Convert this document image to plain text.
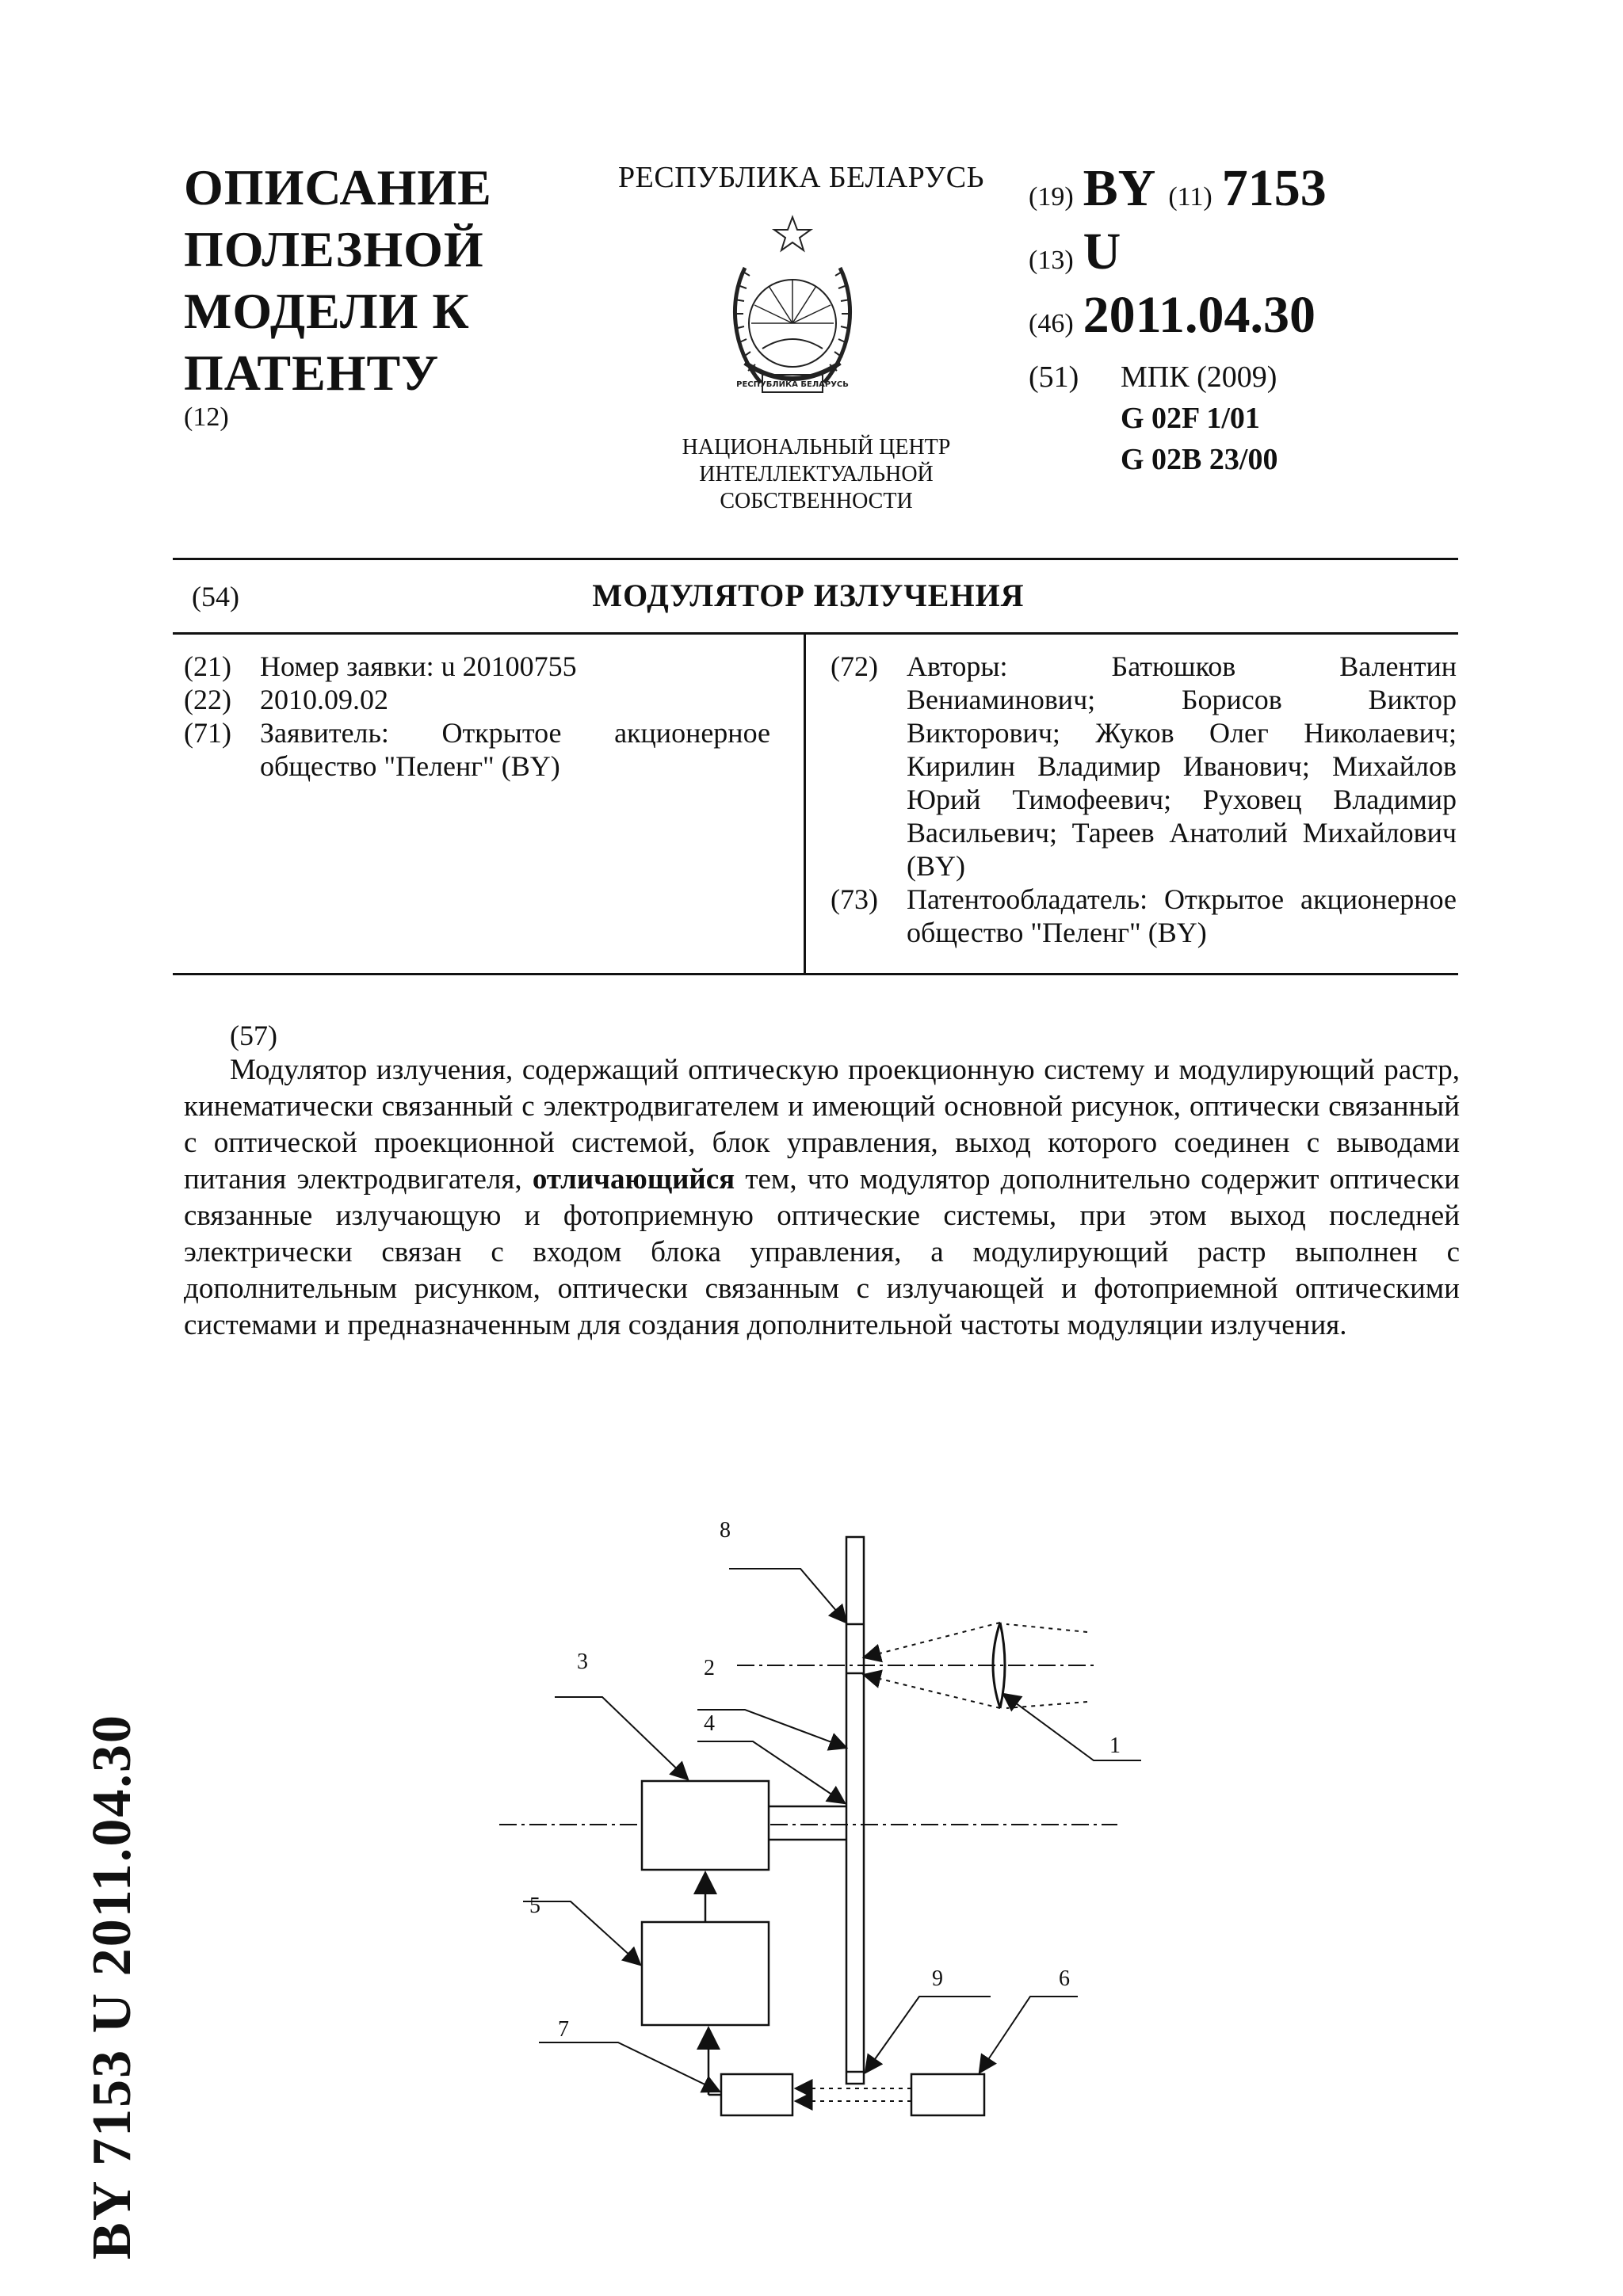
ОПИСАНИЕ
ПОЛЕЗНОЙ
МОДЕЛИ К
ПАТЕНТУ
(12)
РЕСПУБЛИКА БЕЛАРУСЬ
РЕСПУБЛИКА БЕЛАРУСЬ
НАЦИОНАЛЬНЫЙ ЦЕНТР
ИНТЕЛЛЕКТУАЛЬНОЙ
СОБСТВЕННОСТИ
(19) BY (11) 7153
(13) U
(46) 2011.04.30
(51)	МПК (2009)
G 02F 1/01
G 02B 23/00
(54)	МОДУЛЯТОР ИЗЛУЧЕНИЯ
(21)	Номер заявки: u 20100755
(22)	2010.09.02
(71)	Заявитель: Открытое акционерное общество "Пеленг" (BY)
(72)	Авторы: Батюшков Валентин Вениаминович; Борисов Виктор Викторович; Жуков Олег Николаевич; Кирилин Владимир Иванович; Михайлов Юрий Тимофеевич; Руховец Владимир Васильевич; Тареев Анатолий Михайлович (BY)
(73)	Патентообладатель: Открытое акционерное общество "Пеленг" (BY)
(57)
Модулятор излучения, содержащий оптическую проекционную систему и модулирующий растр, кинематически связанный с электродвигателем и имеющий основной рисунок, оптически связанный с оптической проекционной системой, блок управления, выход которого соединен с выводами питания электродвигателя, отличающийся тем, что модулятор дополнительно содержит оптически связанные излучающую и фотоприемную оптические системы, при этом выход последней электрически связан с входом блока управления, а модулирующий растр выполнен с дополнительным рисунком, оптически связанным с излучающей и фотоприемной оптическими системами и предназначенным для создания дополнительной частоты модуляции излучения.
BY 7153 U 2011.04.30	1
2
3
4
5
6
7
8
9
